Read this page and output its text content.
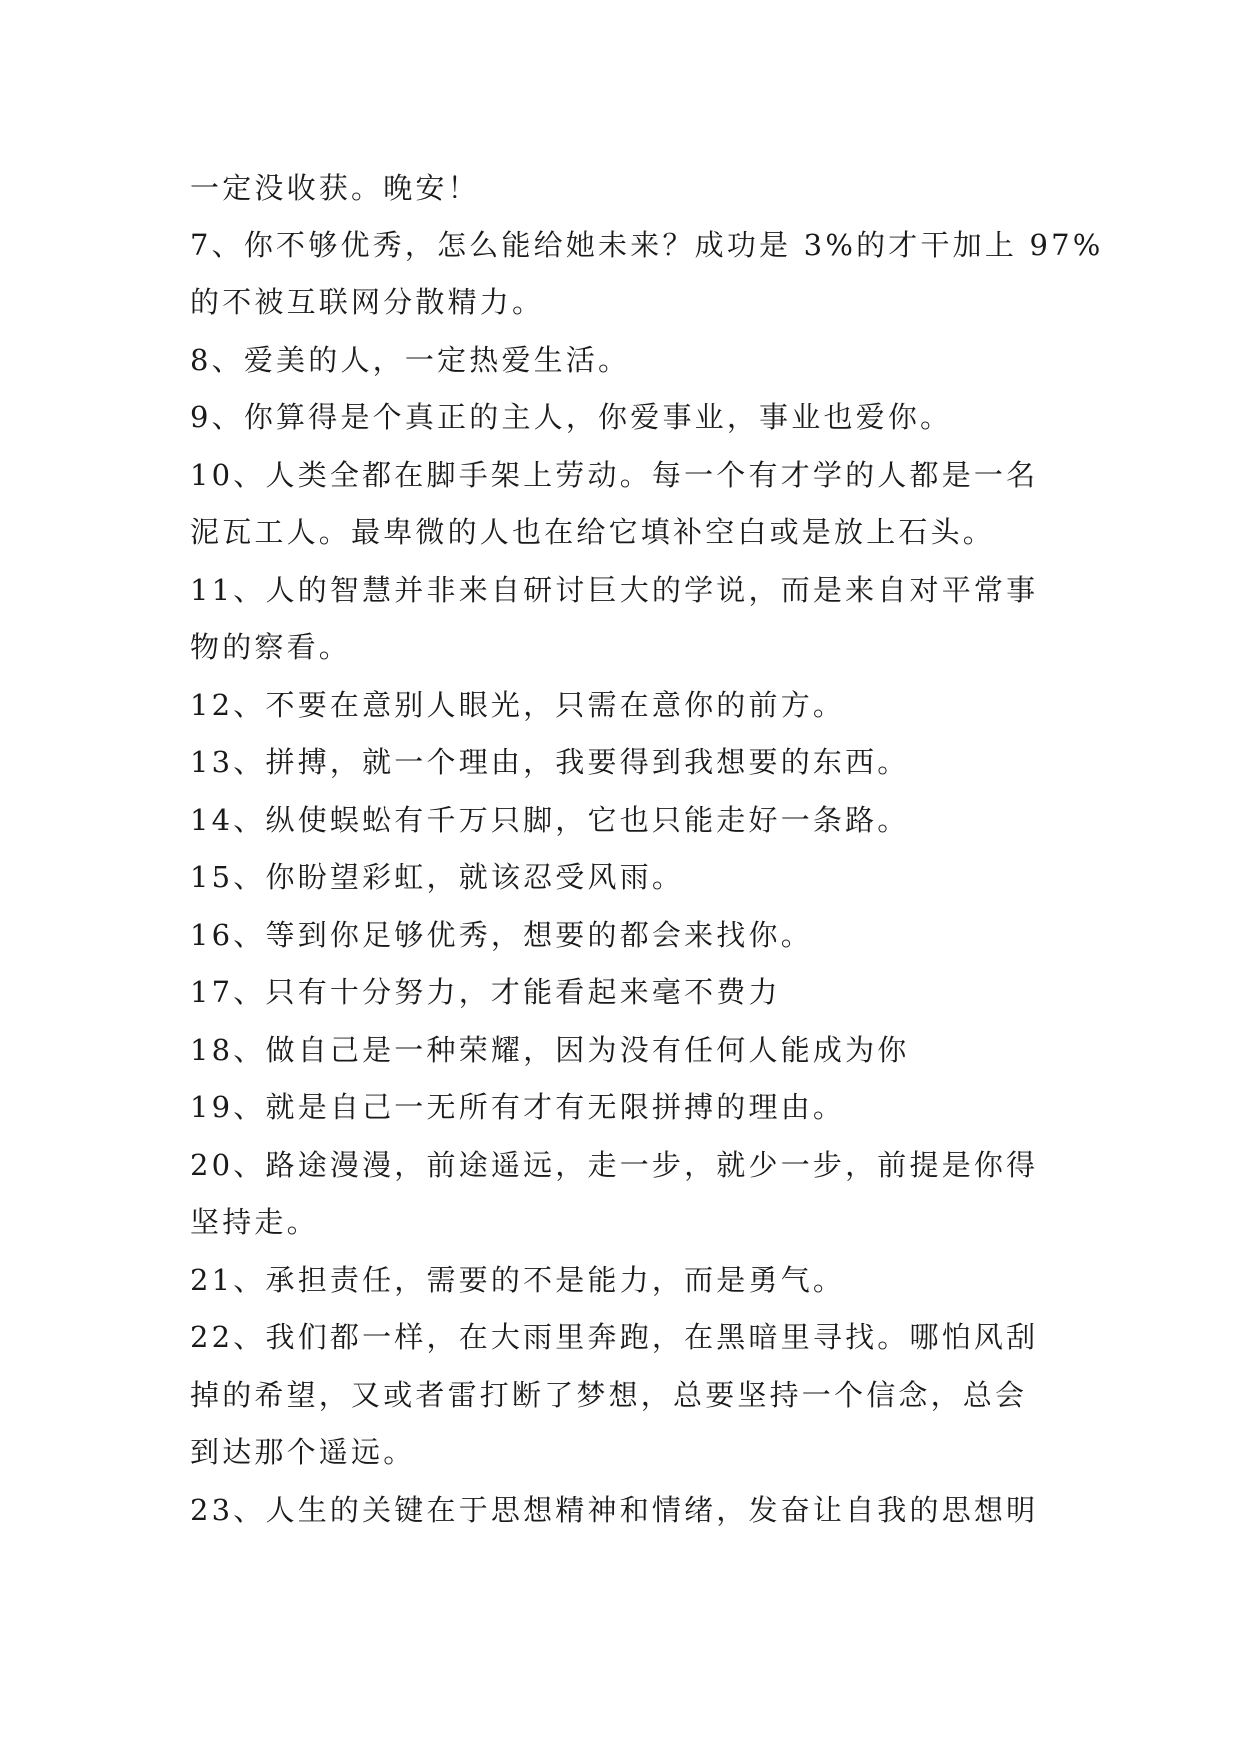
一定没收获。晚安！
7、你不够优秀，怎么能给她未来？成功是 3%的才干加上 97%
的不被互联网分散精力。
8、爱美的人，一定热爱生活。
9、你算得是个真正的主人，你爱事业，事业也爱你。
10、人类全都在脚手架上劳动。每一个有才学的人都是一名
泥瓦工人。最卑微的人也在给它填补空白或是放上石头。
11、人的智慧并非来自研讨巨大的学说，而是来自对平常事
物的察看。
12、不要在意别人眼光，只需在意你的前方。
13、拼搏，就一个理由，我要得到我想要的东西。
14、纵使蜈蚣有千万只脚，它也只能走好一条路。
15、你盼望彩虹，就该忍受风雨。
16、等到你足够优秀，想要的都会来找你。
17、只有十分努力，才能看起来毫不费力
18、做自己是一种荣耀，因为没有任何人能成为你
19、就是自己一无所有才有无限拼搏的理由。
20、路途漫漫，前途遥远，走一步，就少一步，前提是你得
坚持走。
21、承担责任，需要的不是能力，而是勇气。
22、我们都一样，在大雨里奔跑，在黑暗里寻找。哪怕风刮
掉的希望，又或者雷打断了梦想，总要坚持一个信念，总会
到达那个遥远。
23、人生的关键在于思想精神和情绪，发奋让自我的思想明
